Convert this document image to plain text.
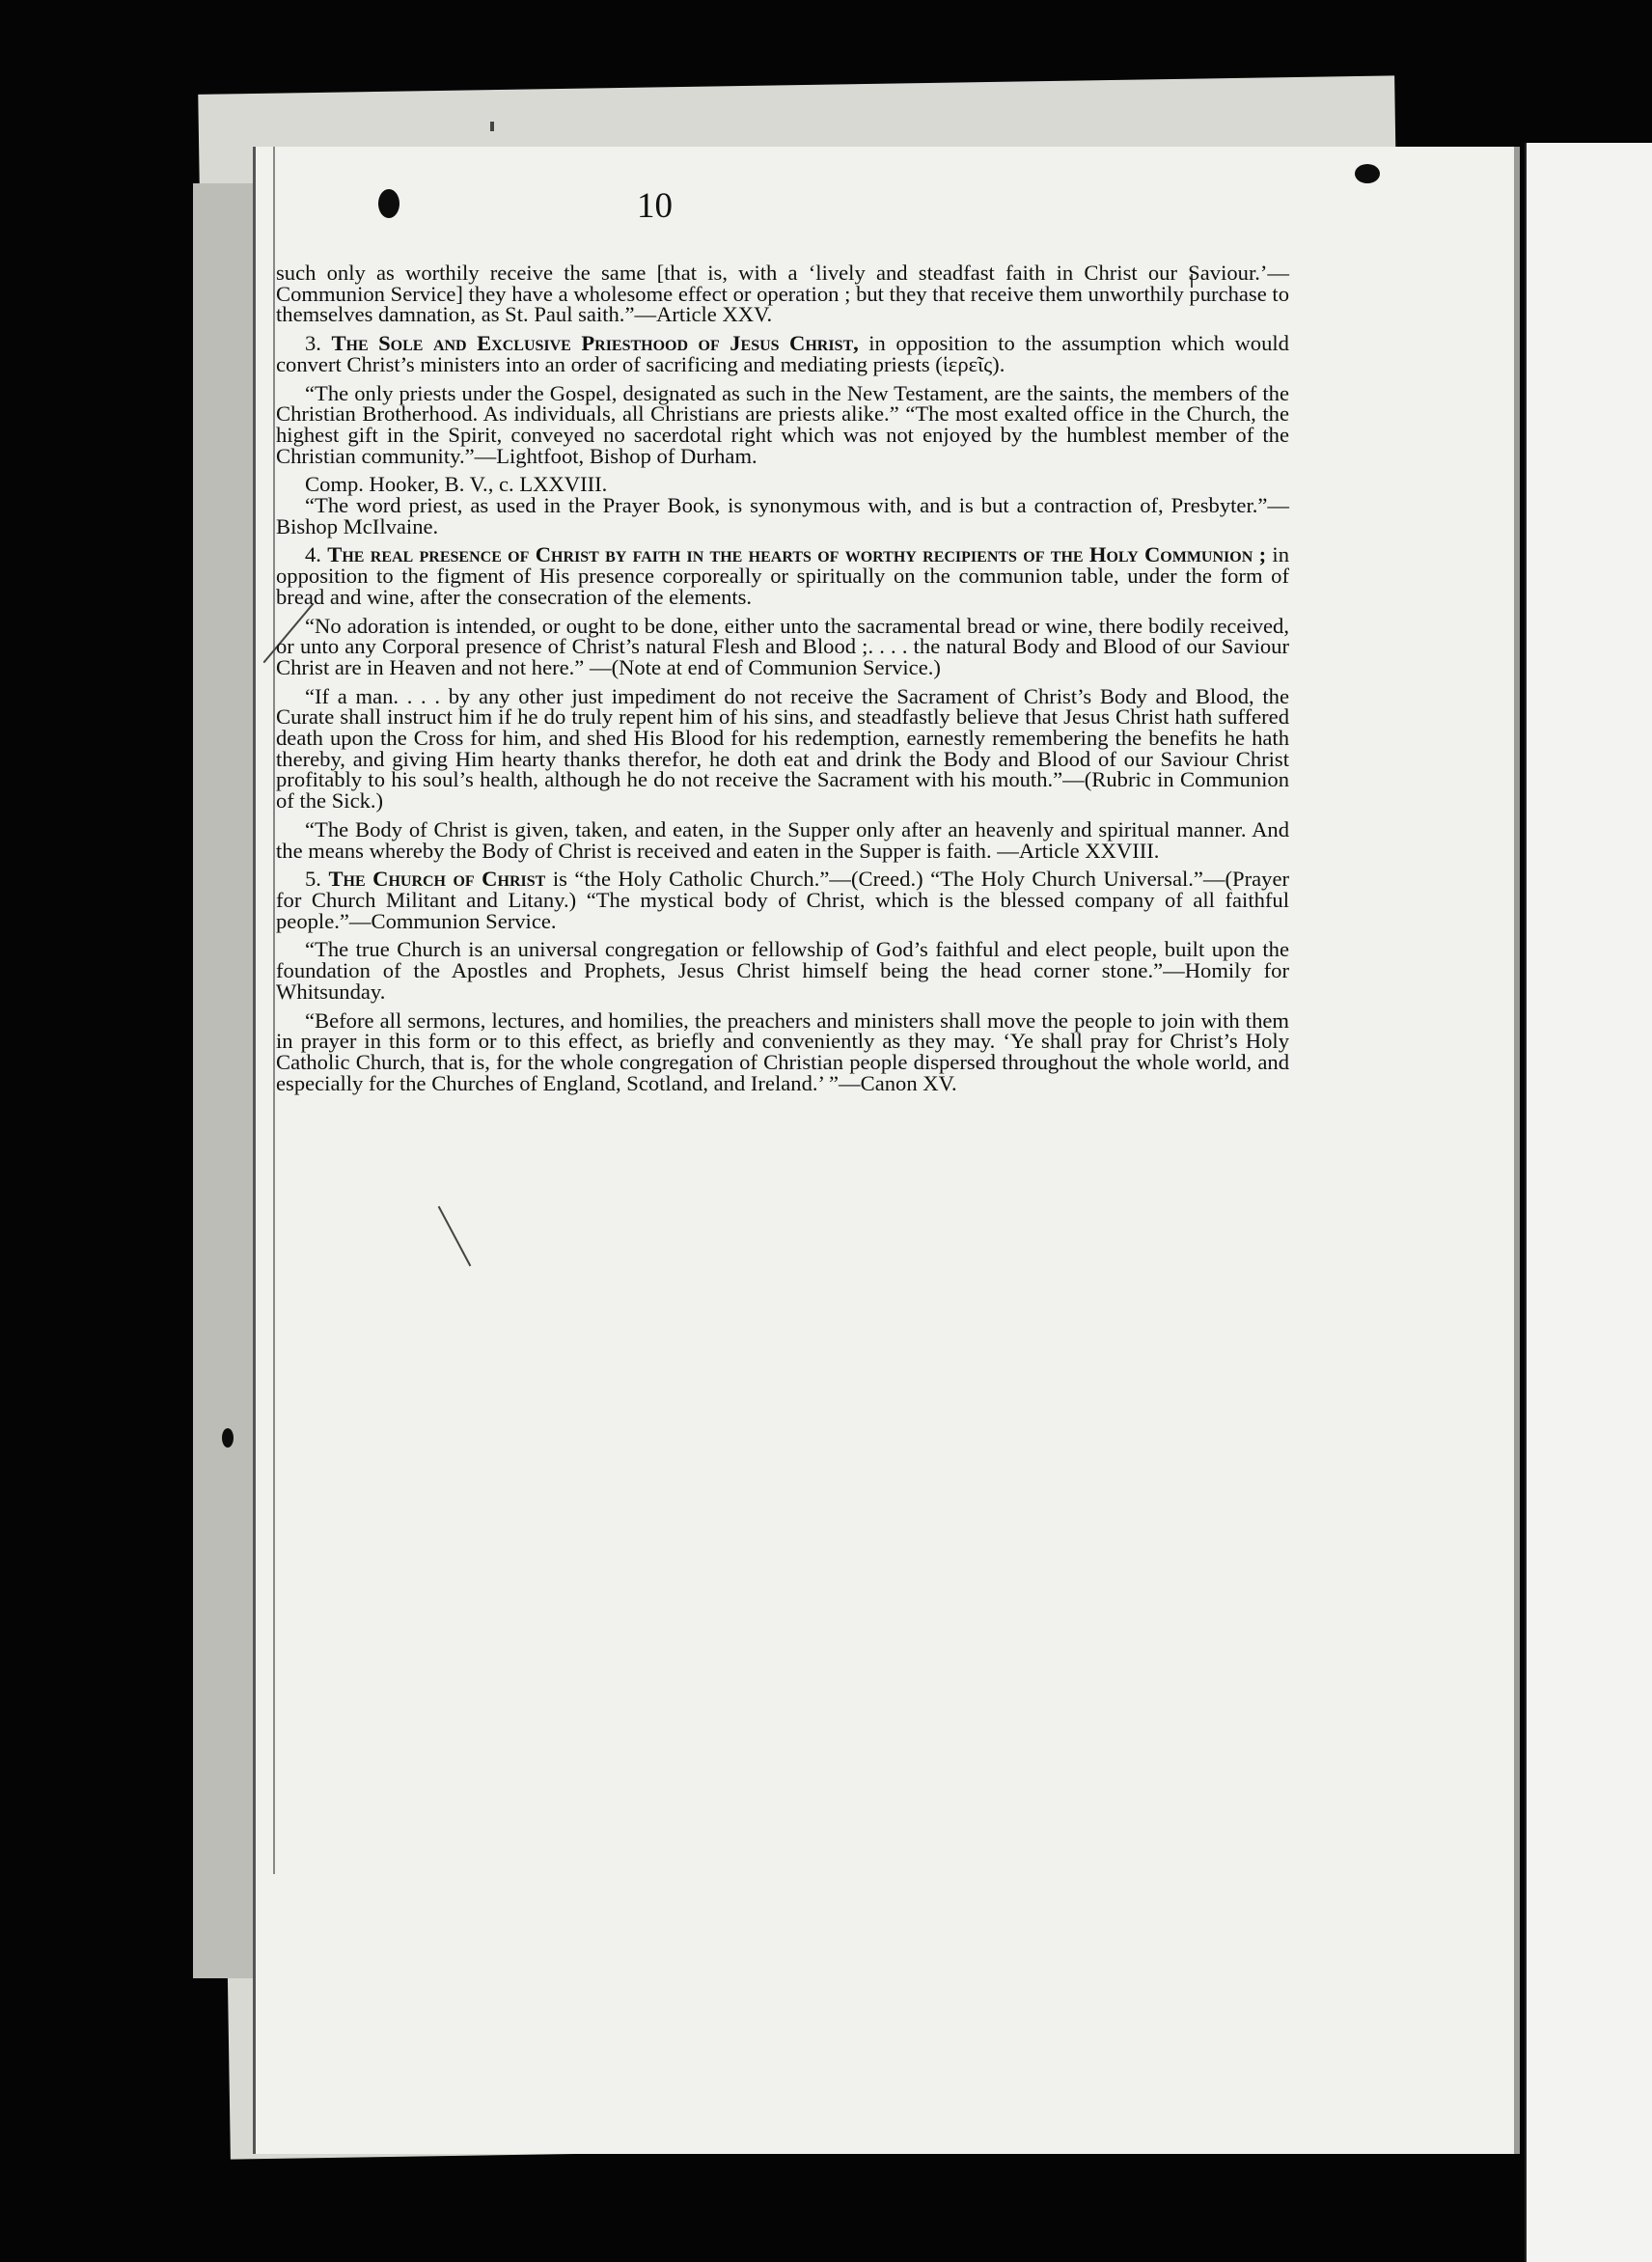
10

such only as worthily receive the same [that is, with a ‘lively and steadfast faith in Christ our Saviour.’—Communion Service] they have a wholesome effect or operation ; but they that receive them unworthily purchase to themselves damnation, as St. Paul saith.”—Article XXV.

3. The Sole and Exclusive Priesthood of Jesus Christ, in opposition to the assumption which would convert Christ’s ministers into an order of sacrificing and mediating priests (ἱερεῖς).

“The only priests under the Gospel, designated as such in the New Testament, are the saints, the members of the Christian Brotherhood. As individuals, all Christians are priests alike.” “The most exalted office in the Church, the highest gift in the Spirit, conveyed no sacerdotal right which was not enjoyed by the humblest member of the Christian community.”—Lightfoot, Bishop of Durham.

Comp. Hooker, B. V., c. LXXVIII.

“The word priest, as used in the Prayer Book, is synonymous with, and is but a contraction of, Presbyter.”—Bishop McIlvaine.

4. The real presence of Christ by faith in the hearts of worthy recipients of the Holy Communion ; in opposition to the figment of His presence corporeally or spiritually on the communion table, under the form of bread and wine, after the consecration of the elements.

“No adoration is intended, or ought to be done, either unto the sacramental bread or wine, there bodily received, or unto any Corporal presence of Christ’s natural Flesh and Blood ;. . . . the natural Body and Blood of our Saviour Christ are in Heaven and not here.” —(Note at end of Communion Service.)

“If a man. . . . by any other just impediment do not receive the Sacrament of Christ’s Body and Blood, the Curate shall instruct him if he do truly repent him of his sins, and steadfastly believe that Jesus Christ hath suffered death upon the Cross for him, and shed His Blood for his redemption, earnestly remembering the benefits he hath thereby, and giving Him hearty thanks therefor, he doth eat and drink the Body and Blood of our Saviour Christ profitably to his soul’s health, although he do not receive the Sacrament with his mouth.”—(Rubric in Communion of the Sick.)

“The Body of Christ is given, taken, and eaten, in the Supper only after an heavenly and spiritual manner. And the means whereby the Body of Christ is received and eaten in the Supper is faith. —Article XXVIII.

5. The Church of Christ is “the Holy Catholic Church.”—(Creed.) “The Holy Church Universal.”—(Prayer for Church Militant and Litany.) “The mystical body of Christ, which is the blessed company of all faithful people.”—Communion Service.

“The true Church is an universal congregation or fellowship of God’s faithful and elect people, built upon the foundation of the Apostles and Prophets, Jesus Christ himself being the head corner stone.”—Homily for Whitsunday.

“Before all sermons, lectures, and homilies, the preachers and ministers shall move the people to join with them in prayer in this form or to this effect, as briefly and conveniently as they may. ‘Ye shall pray for Christ’s Holy Catholic Church, that is, for the whole congregation of Christian people dispersed throughout the whole world, and especially for the Churches of England, Scotland, and Ireland.’ ”—Canon XV.
